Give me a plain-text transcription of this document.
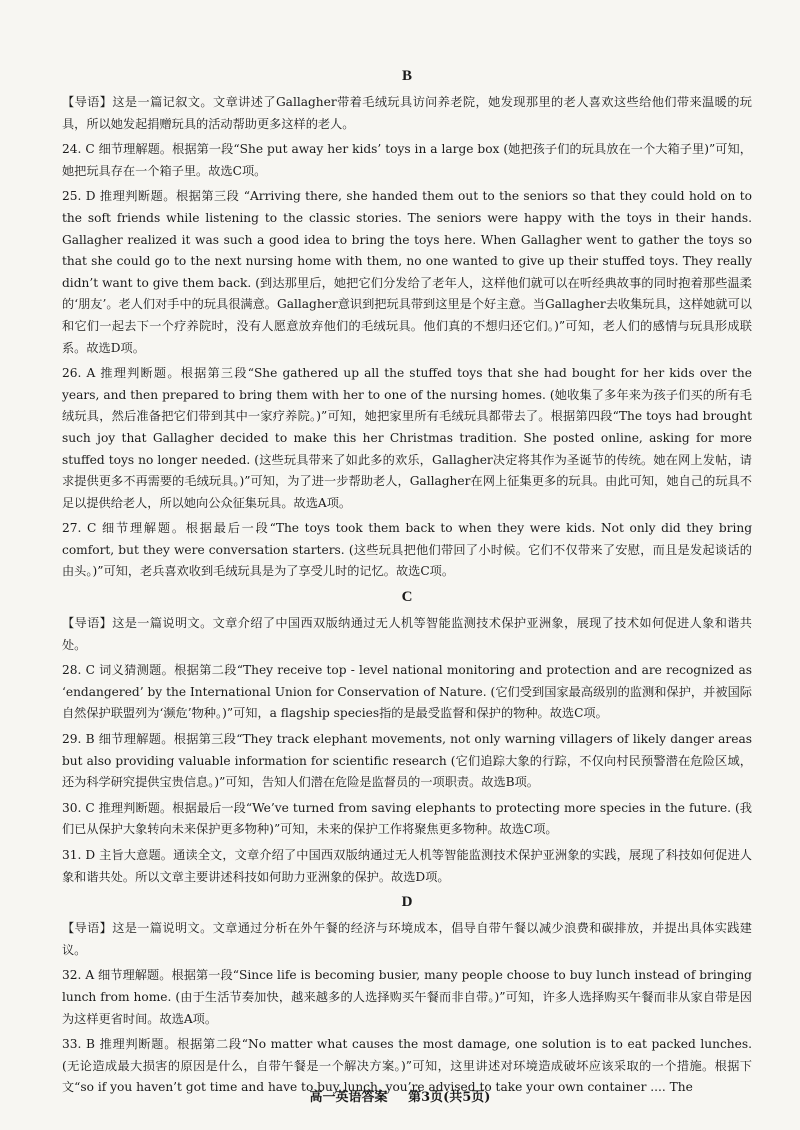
B

【导语】这是一篇记叙文。文章讲述了Gallagher带着毛绒玩具访问养老院，她发现那里的老人喜欢这些给他们带来温暖的玩具，所以她发起捐赠玩具的活动帮助更多这样的老人。

24. C 细节理解题。根据第一段“She put away her kids’ toys in a large box (她把孩子们的玩具放在一个大箱子里)”可知，她把玩具存在一个箱子里。故选C项。

25. D 推理判断题。根据第三段 “Arriving there, she handed them out to the seniors so that they could hold on to the soft friends while listening to the classic stories. The seniors were happy with the toys in their hands. Gallagher realized it was such a good idea to bring the toys here. When Gallagher went to gather the toys so that she could go to the next nursing home with them, no one wanted to give up their stuffed toys. They really didn’t want to give them back. (到达那里后，她把它们分发给了老年人，这样他们就可以在听经典故事的同时抱着那些温柔的‘朋友’。老人们对手中的玩具很满意。Gallagher意识到把玩具带到这里是个好主意。当Gallagher去收集玩具，这样她就可以和它们一起去下一个疗养院时，没有人愿意放弃他们的毛绒玩具。他们真的不想归还它们。)”可知，老人们的感情与玩具形成联系。故选D项。

26. A 推理判断题。根据第三段“She gathered up all the stuffed toys that she had bought for her kids over the years, and then prepared to bring them with her to one of the nursing homes. (她收集了多年来为孩子们买的所有毛绒玩具，然后准备把它们带到其中一家疗养院。)”可知，她把家里所有毛绒玩具都带去了。根据第四段“The toys had brought such joy that Gallagher decided to make this her Christmas tradition. She posted online, asking for more stuffed toys no longer needed. (这些玩具带来了如此多的欢乐，Gallagher决定将其作为圣诞节的传统。她在网上发帖，请求提供更多不再需要的毛绒玩具。)”可知，为了进一步帮助老人，Gallagher在网上征集更多的玩具。由此可知，她自己的玩具不足以提供给老人，所以她向公众征集玩具。故选A项。

27. C 细节理解题。根据最后一段“The toys took them back to when they were kids. Not only did they bring comfort, but they were conversation starters. (这些玩具把他们带回了小时候。它们不仅带来了安慰，而且是发起谈话的由头。)”可知，老兵喜欢收到毛绒玩具是为了享受儿时的记忆。故选C项。

C

【导语】这是一篇说明文。文章介绍了中国西双版纳通过无人机等智能监测技术保护亚洲象，展现了技术如何促进人象和谐共处。

28. C 词义猜测题。根据第二段“They receive top - level national monitoring and protection and are recognized as ‘endangered’ by the International Union for Conservation of Nature. (它们受到国家最高级别的监测和保护，并被国际自然保护联盟列为‘濒危’物种。)”可知，a flagship species指的是最受监督和保护的物种。故选C项。

29. B 细节理解题。根据第三段“They track elephant movements, not only warning villagers of likely danger areas but also providing valuable information for scientific research (它们追踪大象的行踪，不仅向村民预警潜在危险区域，还为科学研究提供宝贵信息。)”可知，告知人们潜在危险是监督员的一项职责。故选B项。

30. C 推理判断题。根据最后一段“We’ve turned from saving elephants to protecting more species in the future. (我们已从保护大象转向未来保护更多物种)”可知，未来的保护工作将聚焦更多物种。故选C项。

31. D 主旨大意题。通读全文，文章介绍了中国西双版纳通过无人机等智能监测技术保护亚洲象的实践，展现了科技如何促进人象和谐共处。所以文章主要讲述科技如何助力亚洲象的保护。故选D项。

D

【导语】这是一篇说明文。文章通过分析在外午餐的经济与环境成本，倡导自带午餐以减少浪费和碳排放，并提出具体实践建议。

32. A 细节理解题。根据第一段“Since life is becoming busier, many people choose to buy lunch instead of bringing lunch from home. (由于生活节奏加快，越来越多的人选择购买午餐而非自带。)”可知，许多人选择购买午餐而非从家自带是因为这样更省时间。故选A项。

33. B 推理判断题。根据第二段“No matter what causes the most damage, one solution is to eat packed lunches. (无论造成最大损害的原因是什么，自带午餐是一个解决方案。)”可知，这里讲述对环境造成破坏应该采取的一个措施。根据下文“so if you haven’t got time and have to buy lunch, you’re advised to take your own container .... The

高一英语答案 第3页(共5页)
